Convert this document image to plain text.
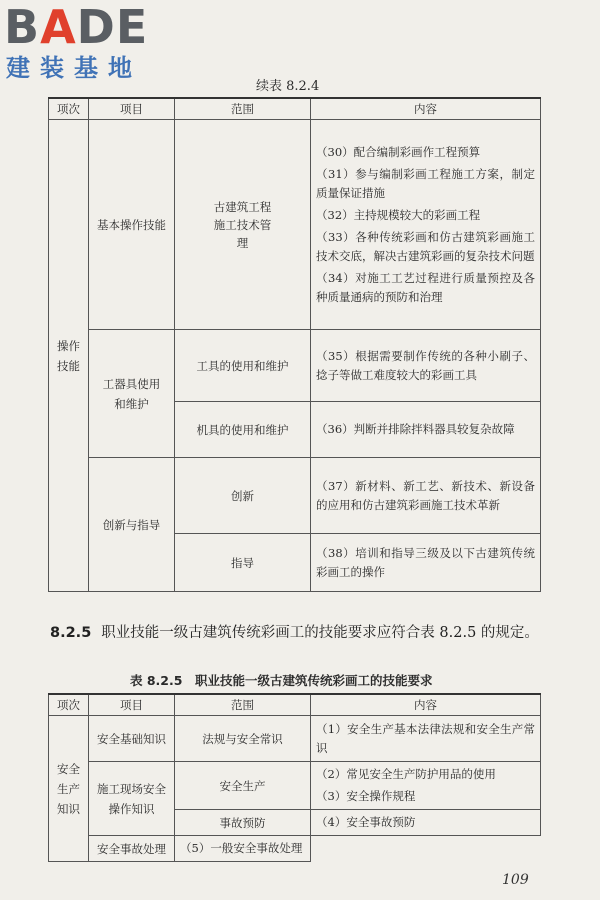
BADE
建装基地
续表 8.2.4
项次	项目	范围	内容
操作技能	基本操作技能	古建筑工程施工技术管理	（30）配合编制彩画作工程预算

（31）参与编制彩画工程施工方案，制定质量保证措施

（32）主持规模较大的彩画工程

（33）各种传统彩画和仿古建筑彩画施工技术交底，解决古建筑彩画的复杂技术问题

（34）对施工工艺过程进行质量预控及各种质量通病的预防和治理

	工器具使用和维护	工具的使用和维护	（35）根据需要制作传统的各种小刷子、捻子等做工难度较大的彩画工具
		机具的使用和维护	（36）判断并排除拌料器具较复杂故障
	创新与指导	创新	（37）新材料、新工艺、新技术、新设备的应用和仿古建筑彩画施工技术革新
		指导	（38）培训和指导三级及以下古建筑传统彩画工的操作
8.2.5 职业技能一级古建筑传统彩画工的技能要求应符合表 8.2.5 的规定。
表 8.2.5　职业技能一级古建筑传统彩画工的技能要求
项次	项目	范围	内容
安全生产知识	安全基础知识	法规与安全常识	（1）安全生产基本法律法规和安全生产常识
	施工现场安全操作知识	安全生产	（2）常见安全生产防护用品的使用

（3）安全操作规程

		事故预防	（4）安全事故预防
	安全事故处理	（5）一般安全事故处理	
109
